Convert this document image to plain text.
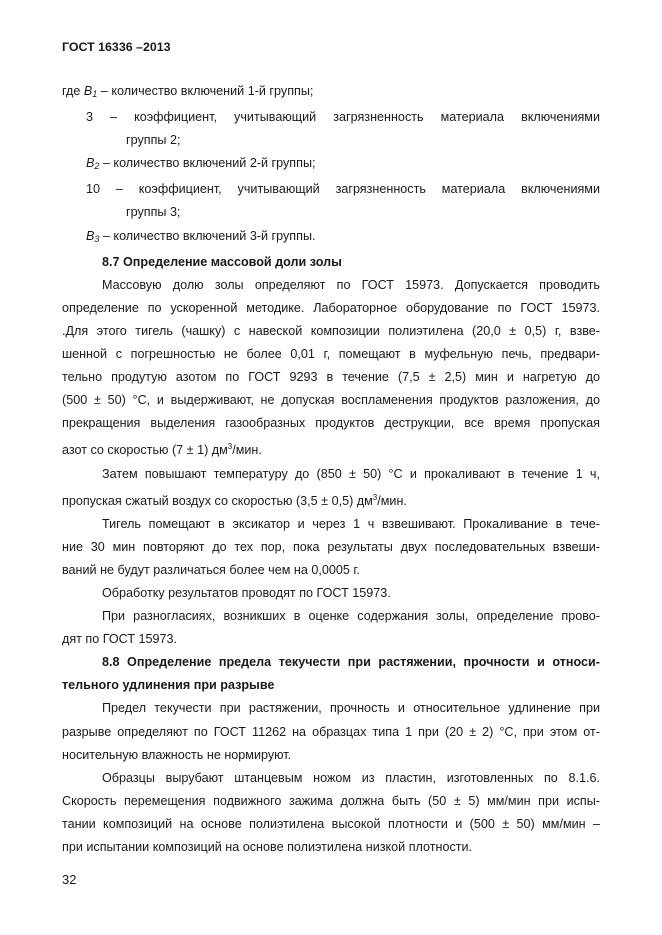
ГОСТ 16336 –2013
где $B_1$ – количество включений 1-й группы;
3 – коэффициент, учитывающий загрязненность материала включениями
группы 2;
$B_2$ – количество включений 2-й группы;
10 – коэффициент, учитывающий загрязненность материала включениями
группы 3;
$B_3$ – количество включений 3-й группы.
8.7 Определение массовой доли золы
Массовую долю золы определяют по ГОСТ 15973. Допускается проводить
определение по ускоренной методике. Лабораторное оборудование по ГОСТ 15973.
.Для этого тигель (чашку) с навеской композиции полиэтилена (20,0 ± 0,5) г, взве-
шенной с погрешностью не более 0,01 г, помещают в муфельную печь, предвари-
тельно продутую азотом по ГОСТ 9293 в течение (7,5 ± 2,5) мин и нагретую до
(500 ± 50) °С, и выдерживают, не допуская воспламенения продуктов разложения, до
прекращения выделения газообразных продуктов деструкции, все время пропуская
азот со скоростью (7 ± 1) $дм^3$/мин.
Затем повышают температуру до (850 ± 50) °С и прокаливают в течение 1 ч,
пропуская сжатый воздух со скоростью (3,5 ± 0,5) $дм^3$/мин.
Тигель помещают в эксикатор и через 1 ч взвешивают. Прокаливание в тече-
ние 30 мин повторяют до тех пор, пока результаты двух последовательных взвеши-
ваний не будут различаться более чем на 0,0005 г.
Обработку результатов проводят по ГОСТ 15973.
При разногласиях, возникших в оценке содержания золы, определение прово-
дят по ГОСТ 15973.
8.8 Определение предела текучести при растяжении, прочности и относи-
тельного удлинения при разрыве
Предел текучести при растяжении, прочность и относительное удлинение при
разрыве определяют по ГОСТ 11262 на образцах типа 1 при (20 ± 2) °С, при этом от-
носительную влажность не нормируют.
Образцы вырубают штанцевым ножом из пластин, изготовленных по 8.1.6.
Скорость перемещения подвижного зажима должна быть (50 ± 5) мм/мин при испы-
тании композиций на основе полиэтилена высокой плотности и (500 ± 50) мм/мин –
при испытании композиций на основе полиэтилена низкой плотности.
32
